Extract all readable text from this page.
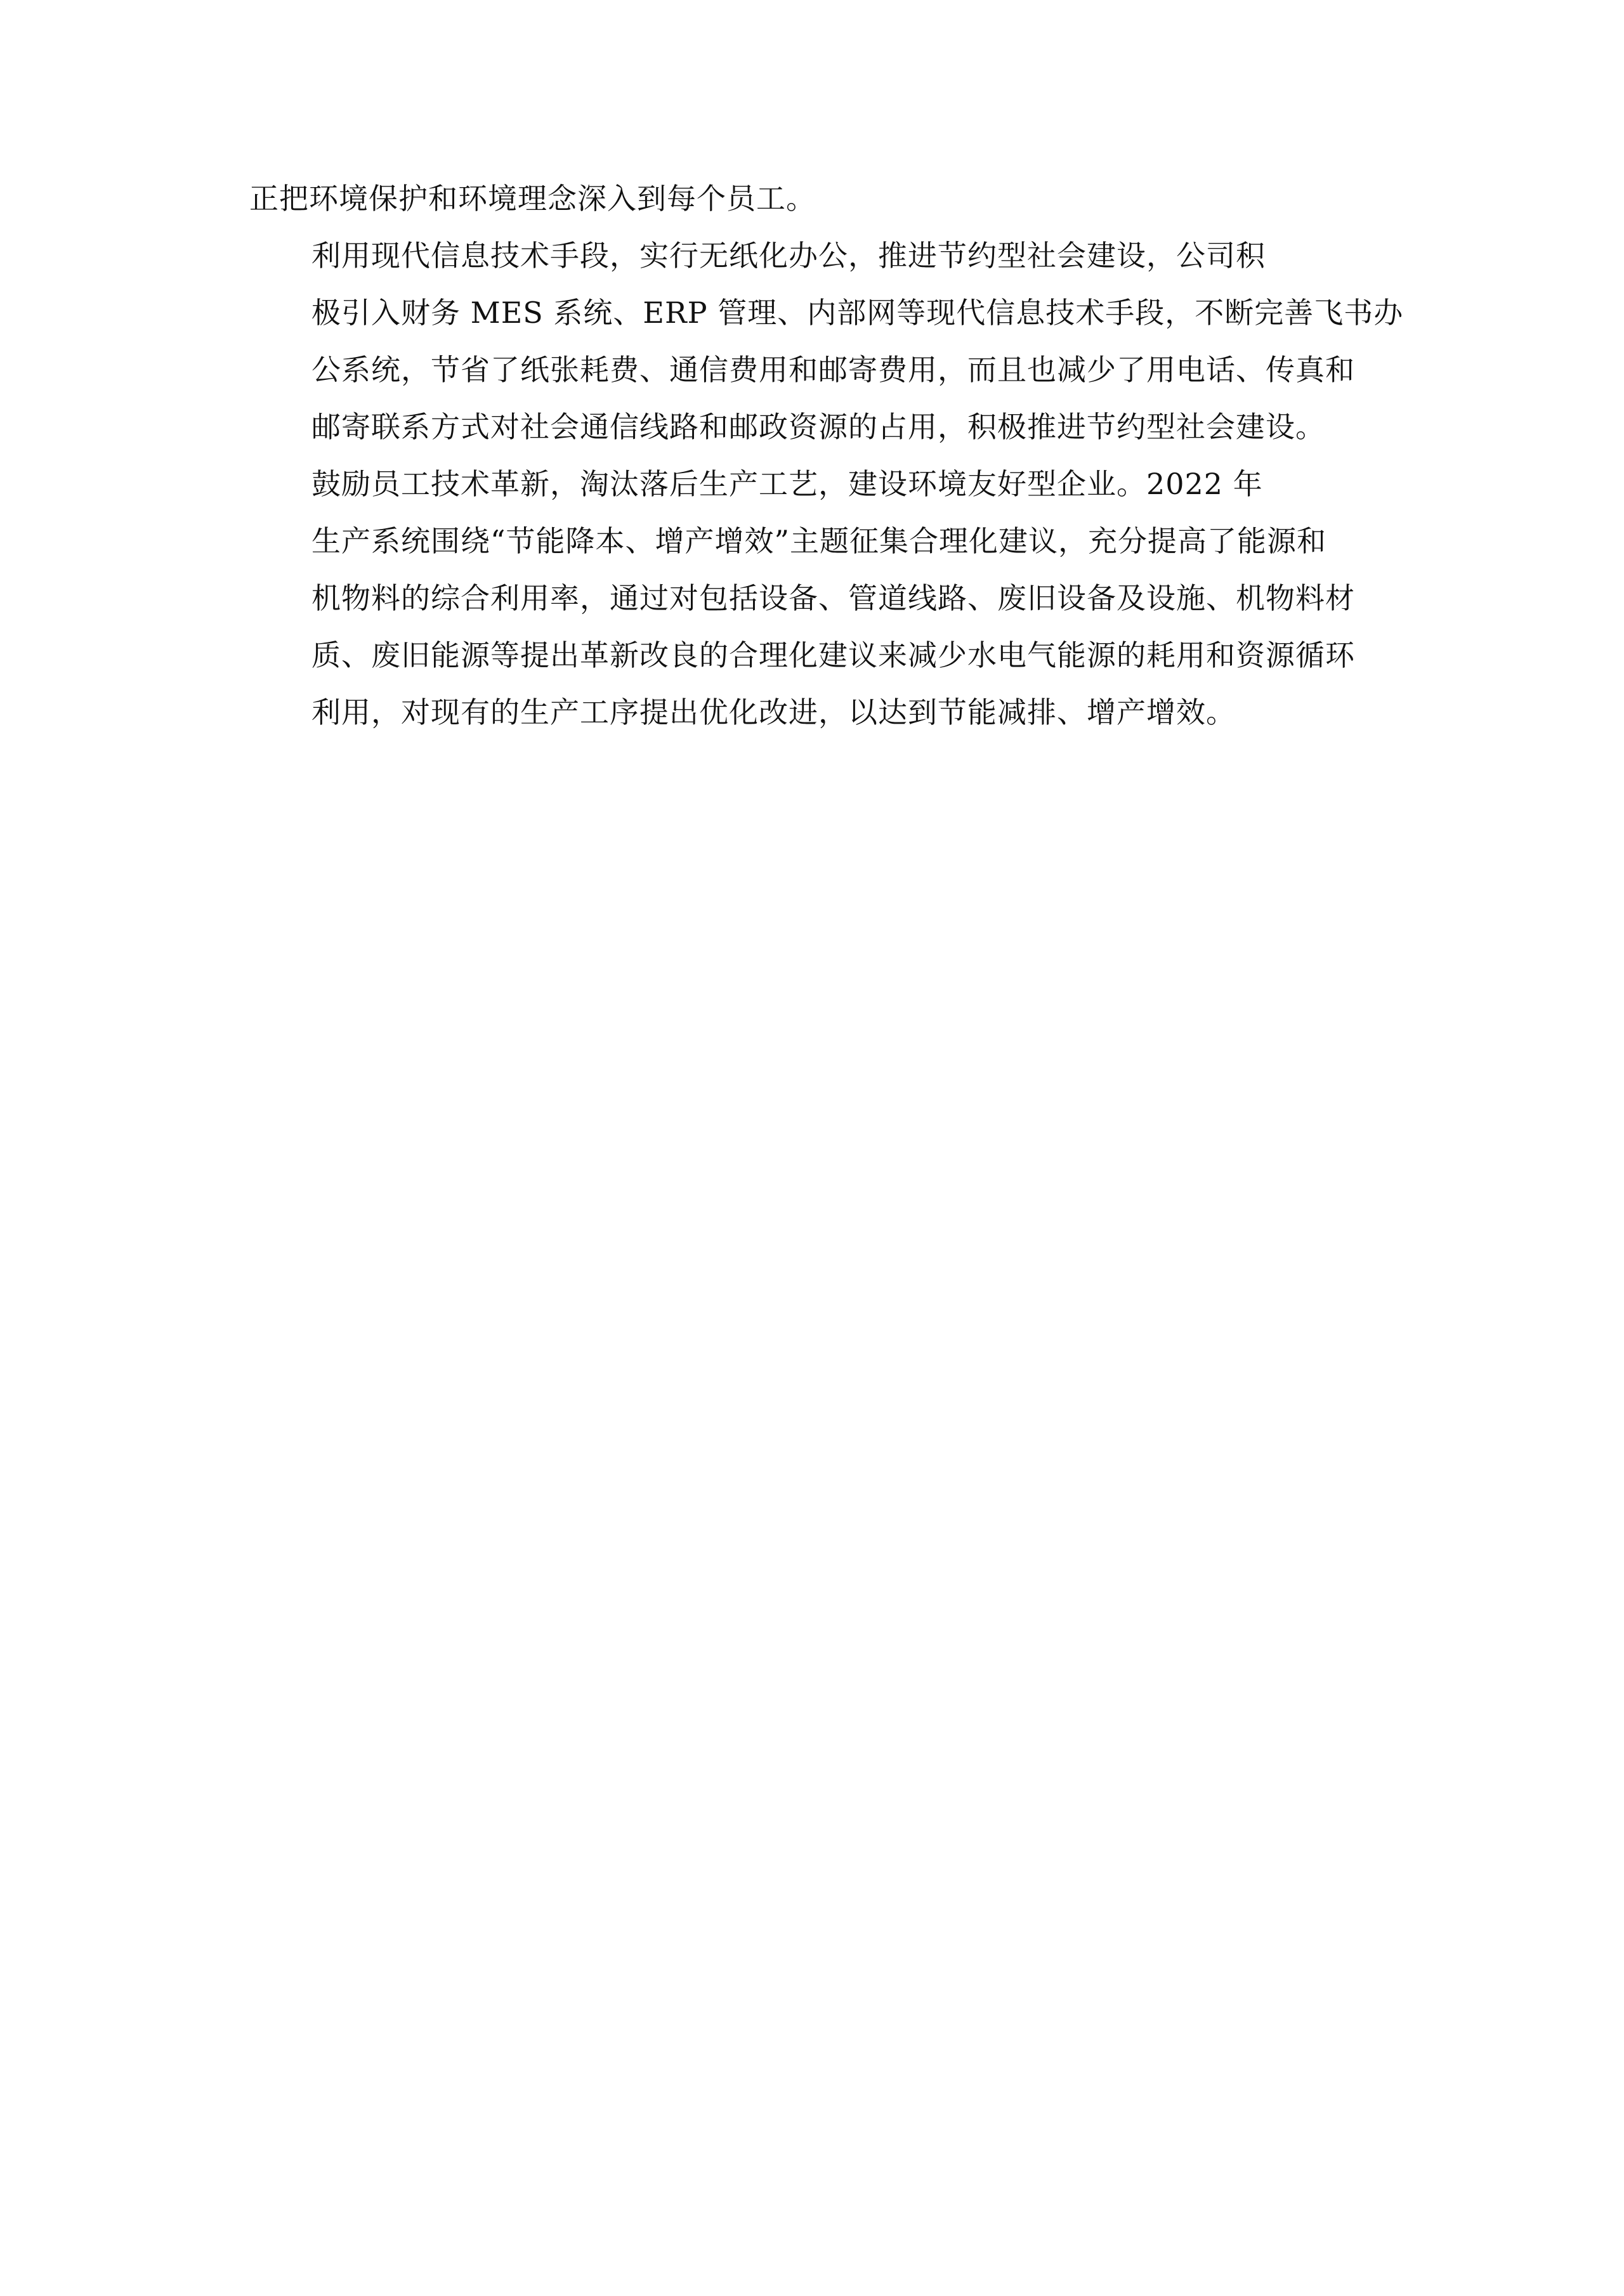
正把环境保护和环境理念深入到每个员工。

利用现代信息技术手段，实行无纸化办公，推进节约型社会建设，公司积
极引入财务 MES 系统、ERP 管理、内部网等现代信息技术手段，不断完善飞书办
公系统，节省了纸张耗费、通信费用和邮寄费用，而且也减少了用电话、传真和
邮寄联系方式对社会通信线路和邮政资源的占用，积极推进节约型社会建设。

鼓励员工技术革新，淘汰落后生产工艺，建设环境友好型企业。2022 年
生产系统围绕“节能降本、增产增效”主题征集合理化建议，充分提高了能源和
机物料的综合利用率，通过对包括设备、管道线路、废旧设备及设施、机物料材
质、废旧能源等提出革新改良的合理化建议来减少水电气能源的耗用和资源循环
利用，对现有的生产工序提出优化改进，以达到节能减排、增产增效。
